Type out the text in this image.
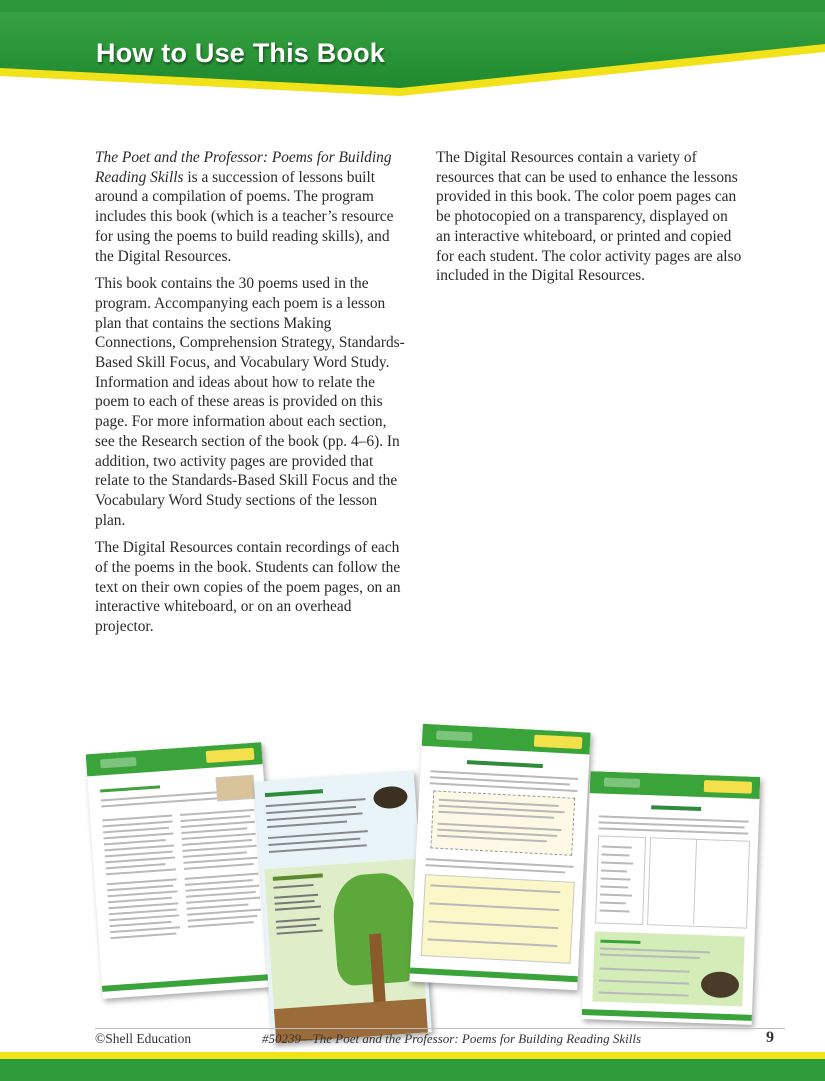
How to Use This Book

The Poet and the Professor: Poems for Building Reading Skills is a succession of lessons built around a compilation of poems. The program includes this book (which is a teacher’s resource for using the poems to build reading skills), and the Digital Resources.

This book contains the 30 poems used in the program. Accompanying each poem is a lesson plan that contains the sections Making Connections, Comprehension Strategy, Standards-Based Skill Focus, and Vocabulary Word Study. Information and ideas about how to relate the poem to each of these areas is provided on this page. For more information about each section, see the Research section of the book (pp. 4–6). In addition, two activity pages are provided that relate to the Standards-Based Skill Focus and the Vocabulary Word Study sections of the lesson plan.

The Digital Resources contain recordings of each of the poems in the book. Students can follow the text on their own copies of the poem pages, on an interactive whiteboard, or on an overhead projector.

The Digital Resources contain a variety of resources that can be used to enhance the lessons provided in this book. The color poem pages can be photocopied on a transparency, displayed on an interactive whiteboard, or printed and copied for each student. The color activity pages are also included in the Digital Resources.

©Shell Education	#50239—The Poet and the Professor: Poems for Building Reading Skills	9
